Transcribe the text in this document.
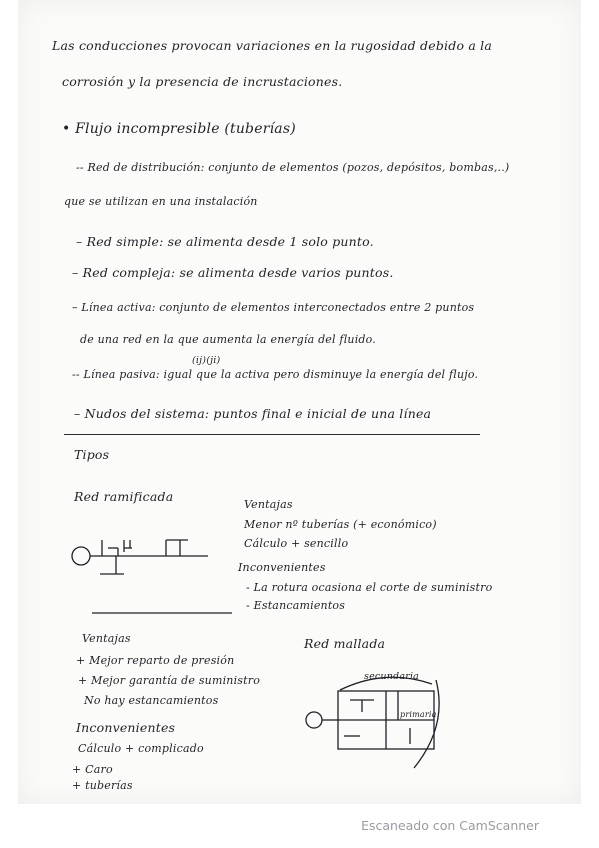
Las conducciones provocan variaciones en la rugosidad debido a la
corrosión y la presencia de incrustaciones.
• Flujo incompresible (tuberías)
-- Red de distribución: conjunto de elementos (pozos, depósitos, bombas,..)
que se utilizan en una instalación
– Red simple: se alimenta desde 1 solo punto.
– Red compleja: se alimenta desde varios puntos.
– Línea activa: conjunto de elementos interconectados entre 2 puntos
de una red en la que aumenta la energía del fluido.
(ij)(ji)
-- Línea pasiva: igual que la activa pero disminuye la energía del flujo.
– Nudos del sistema: puntos final e inicial de una línea
Tipos
Red ramificada
Ventajas
Menor nº tuberías (+ económico)
Cálculo + sencillo
Inconvenientes
- La rotura ocasiona el corte de suministro
- Estancamientos
secundaria
primaria
Red mallada
Ventajas
+ Mejor reparto de presión
+ Mejor garantía de suministro
No hay estancamientos
Inconvenientes
Cálculo + complicado
+ Caro
+ tuberías
Escaneado con CamScanner
